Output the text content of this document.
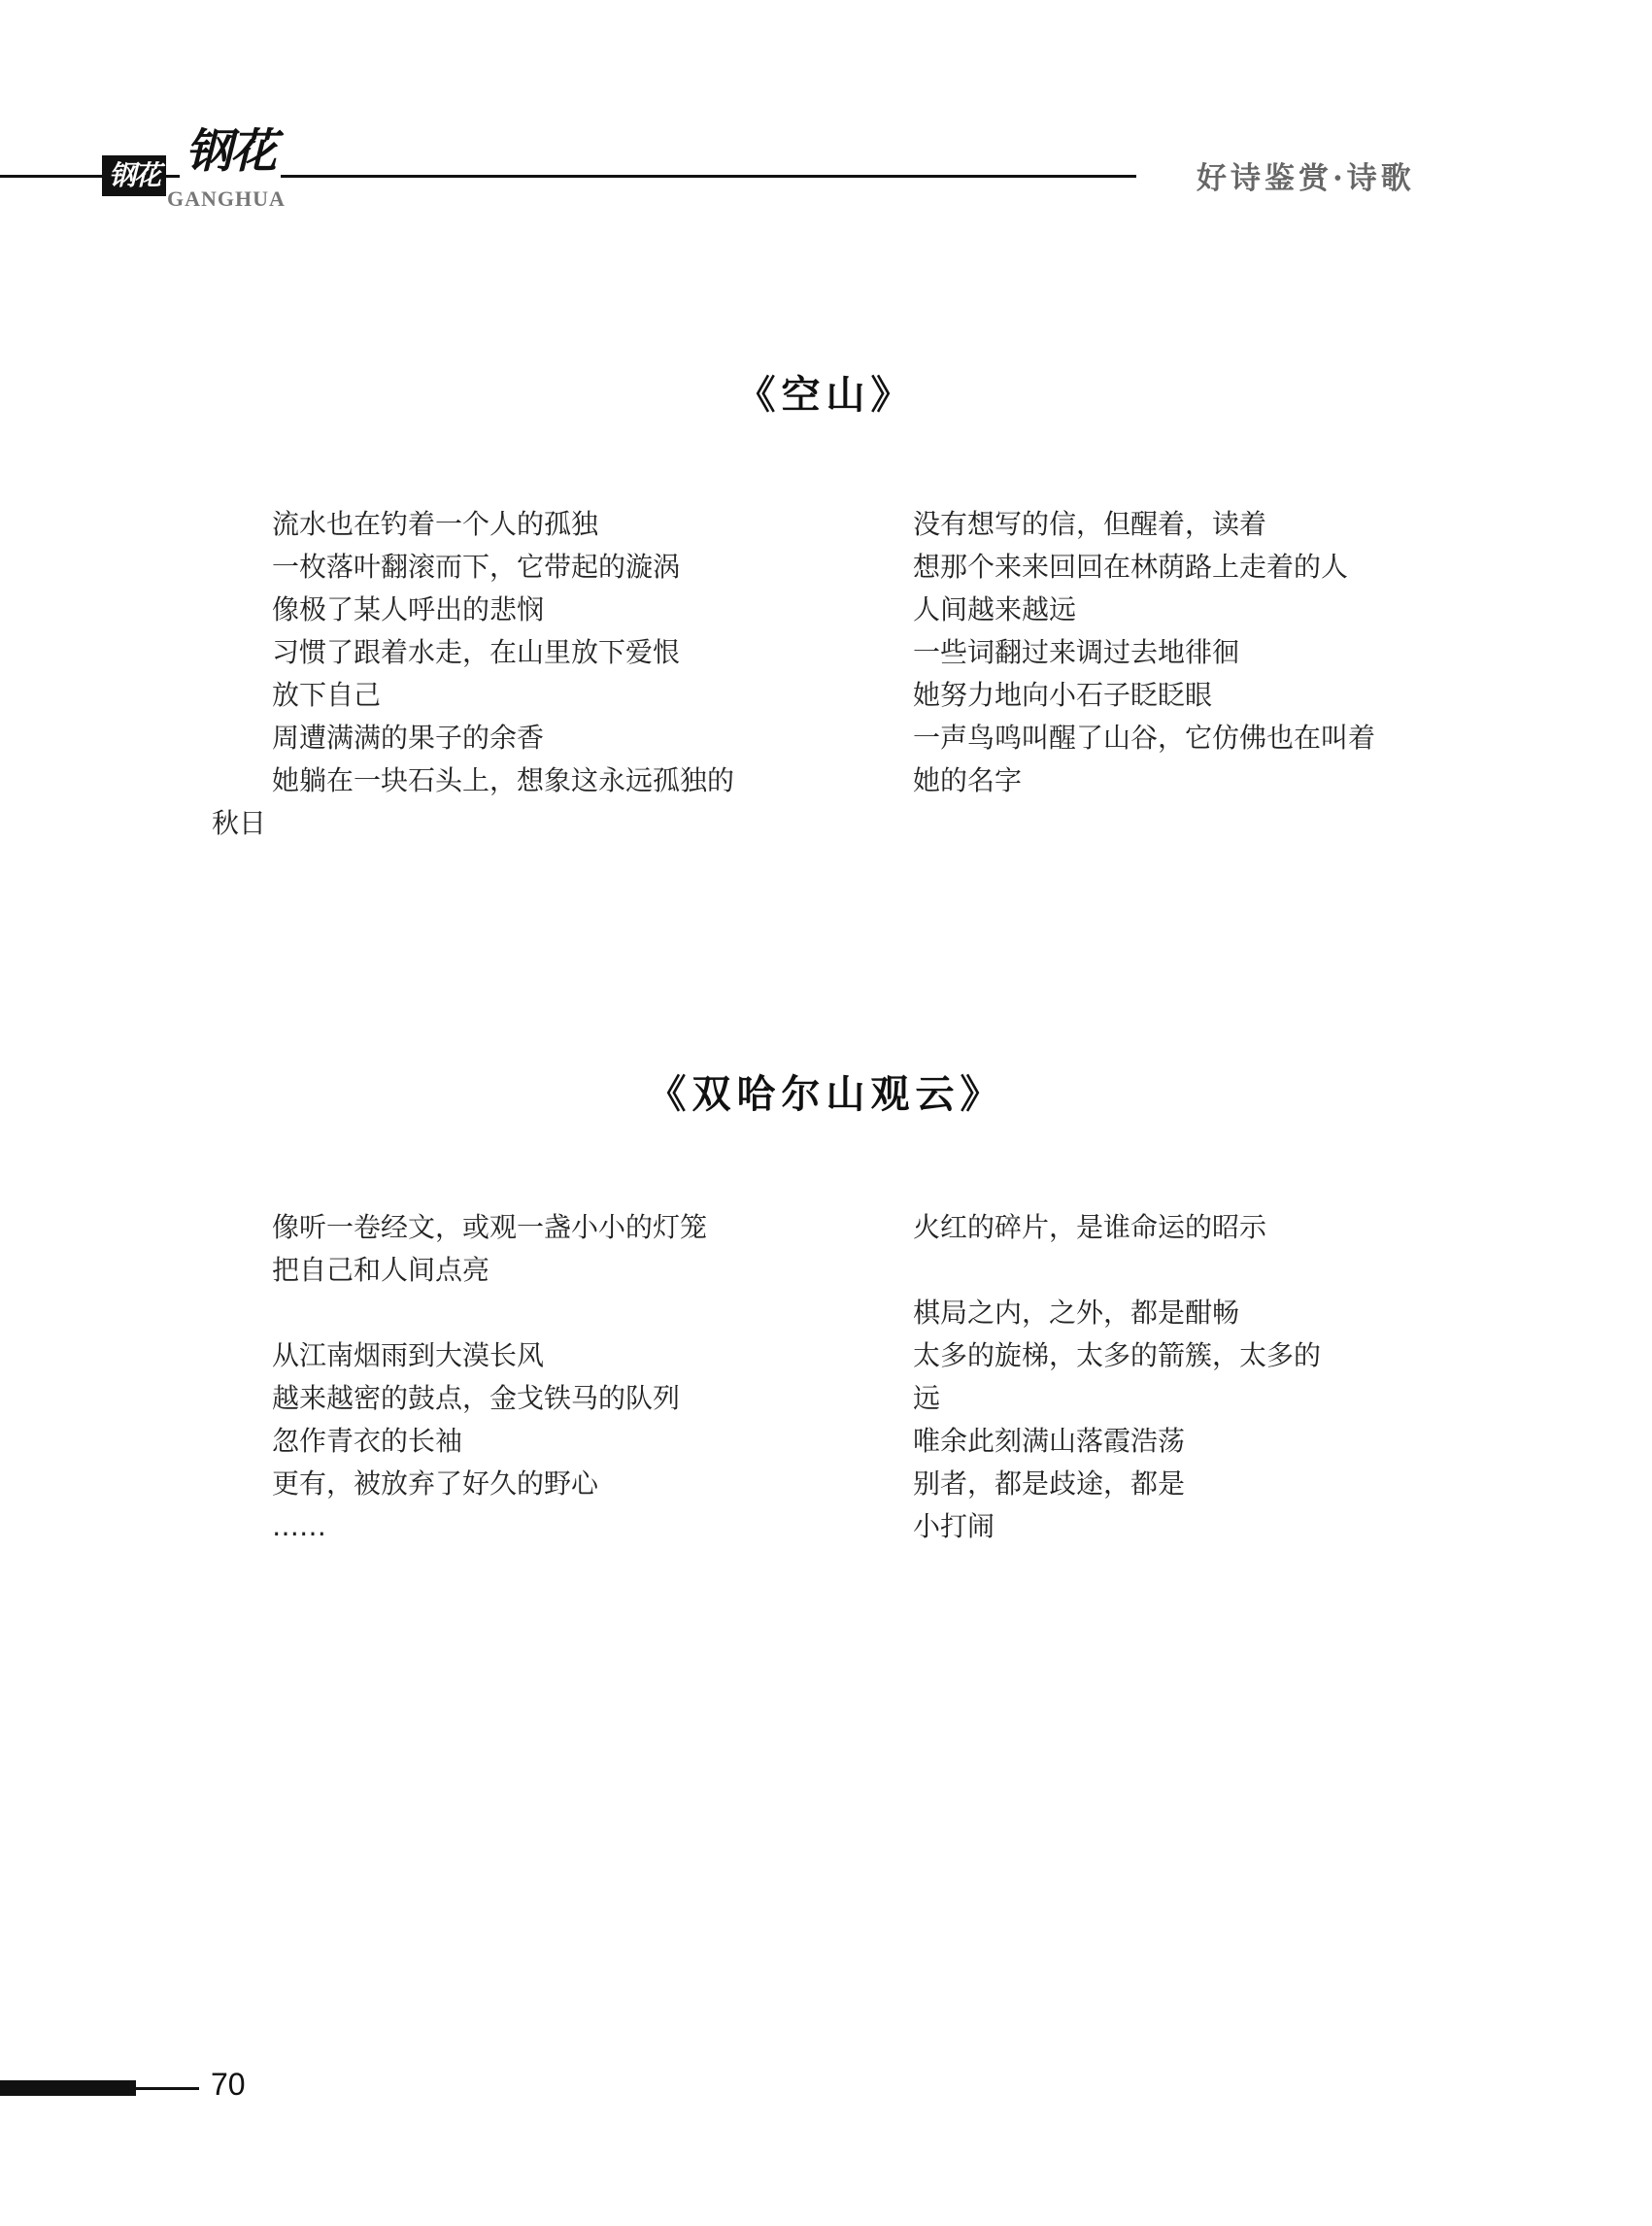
钢花 钢花
GANGHUA
好诗鉴赏·诗歌
《空山》
流水也在钓着一个人的孤独
一枚落叶翻滚而下，它带起的漩涡
像极了某人呼出的悲悯
习惯了跟着水走，在山里放下爱恨
放下自己
周遭满满的果子的余香
她躺在一块石头上，想象这永远孤独的
秋日
没有想写的信，但醒着，读着
想那个来来回回在林荫路上走着的人
人间越来越远
一些词翻过来调过去地徘徊
她努力地向小石子眨眨眼
一声鸟鸣叫醒了山谷，它仿佛也在叫着
她的名字
《双哈尔山观云》
像听一卷经文，或观一盏小小的灯笼
把自己和人间点亮
从江南烟雨到大漠长风
越来越密的鼓点，金戈铁马的队列
忽作青衣的长袖
更有，被放弃了好久的野心
……
火红的碎片，是谁命运的昭示
棋局之内，之外，都是酣畅
太多的旋梯，太多的箭簇，太多的
远
唯余此刻满山落霞浩荡
别者，都是歧途，都是
小打闹
70
